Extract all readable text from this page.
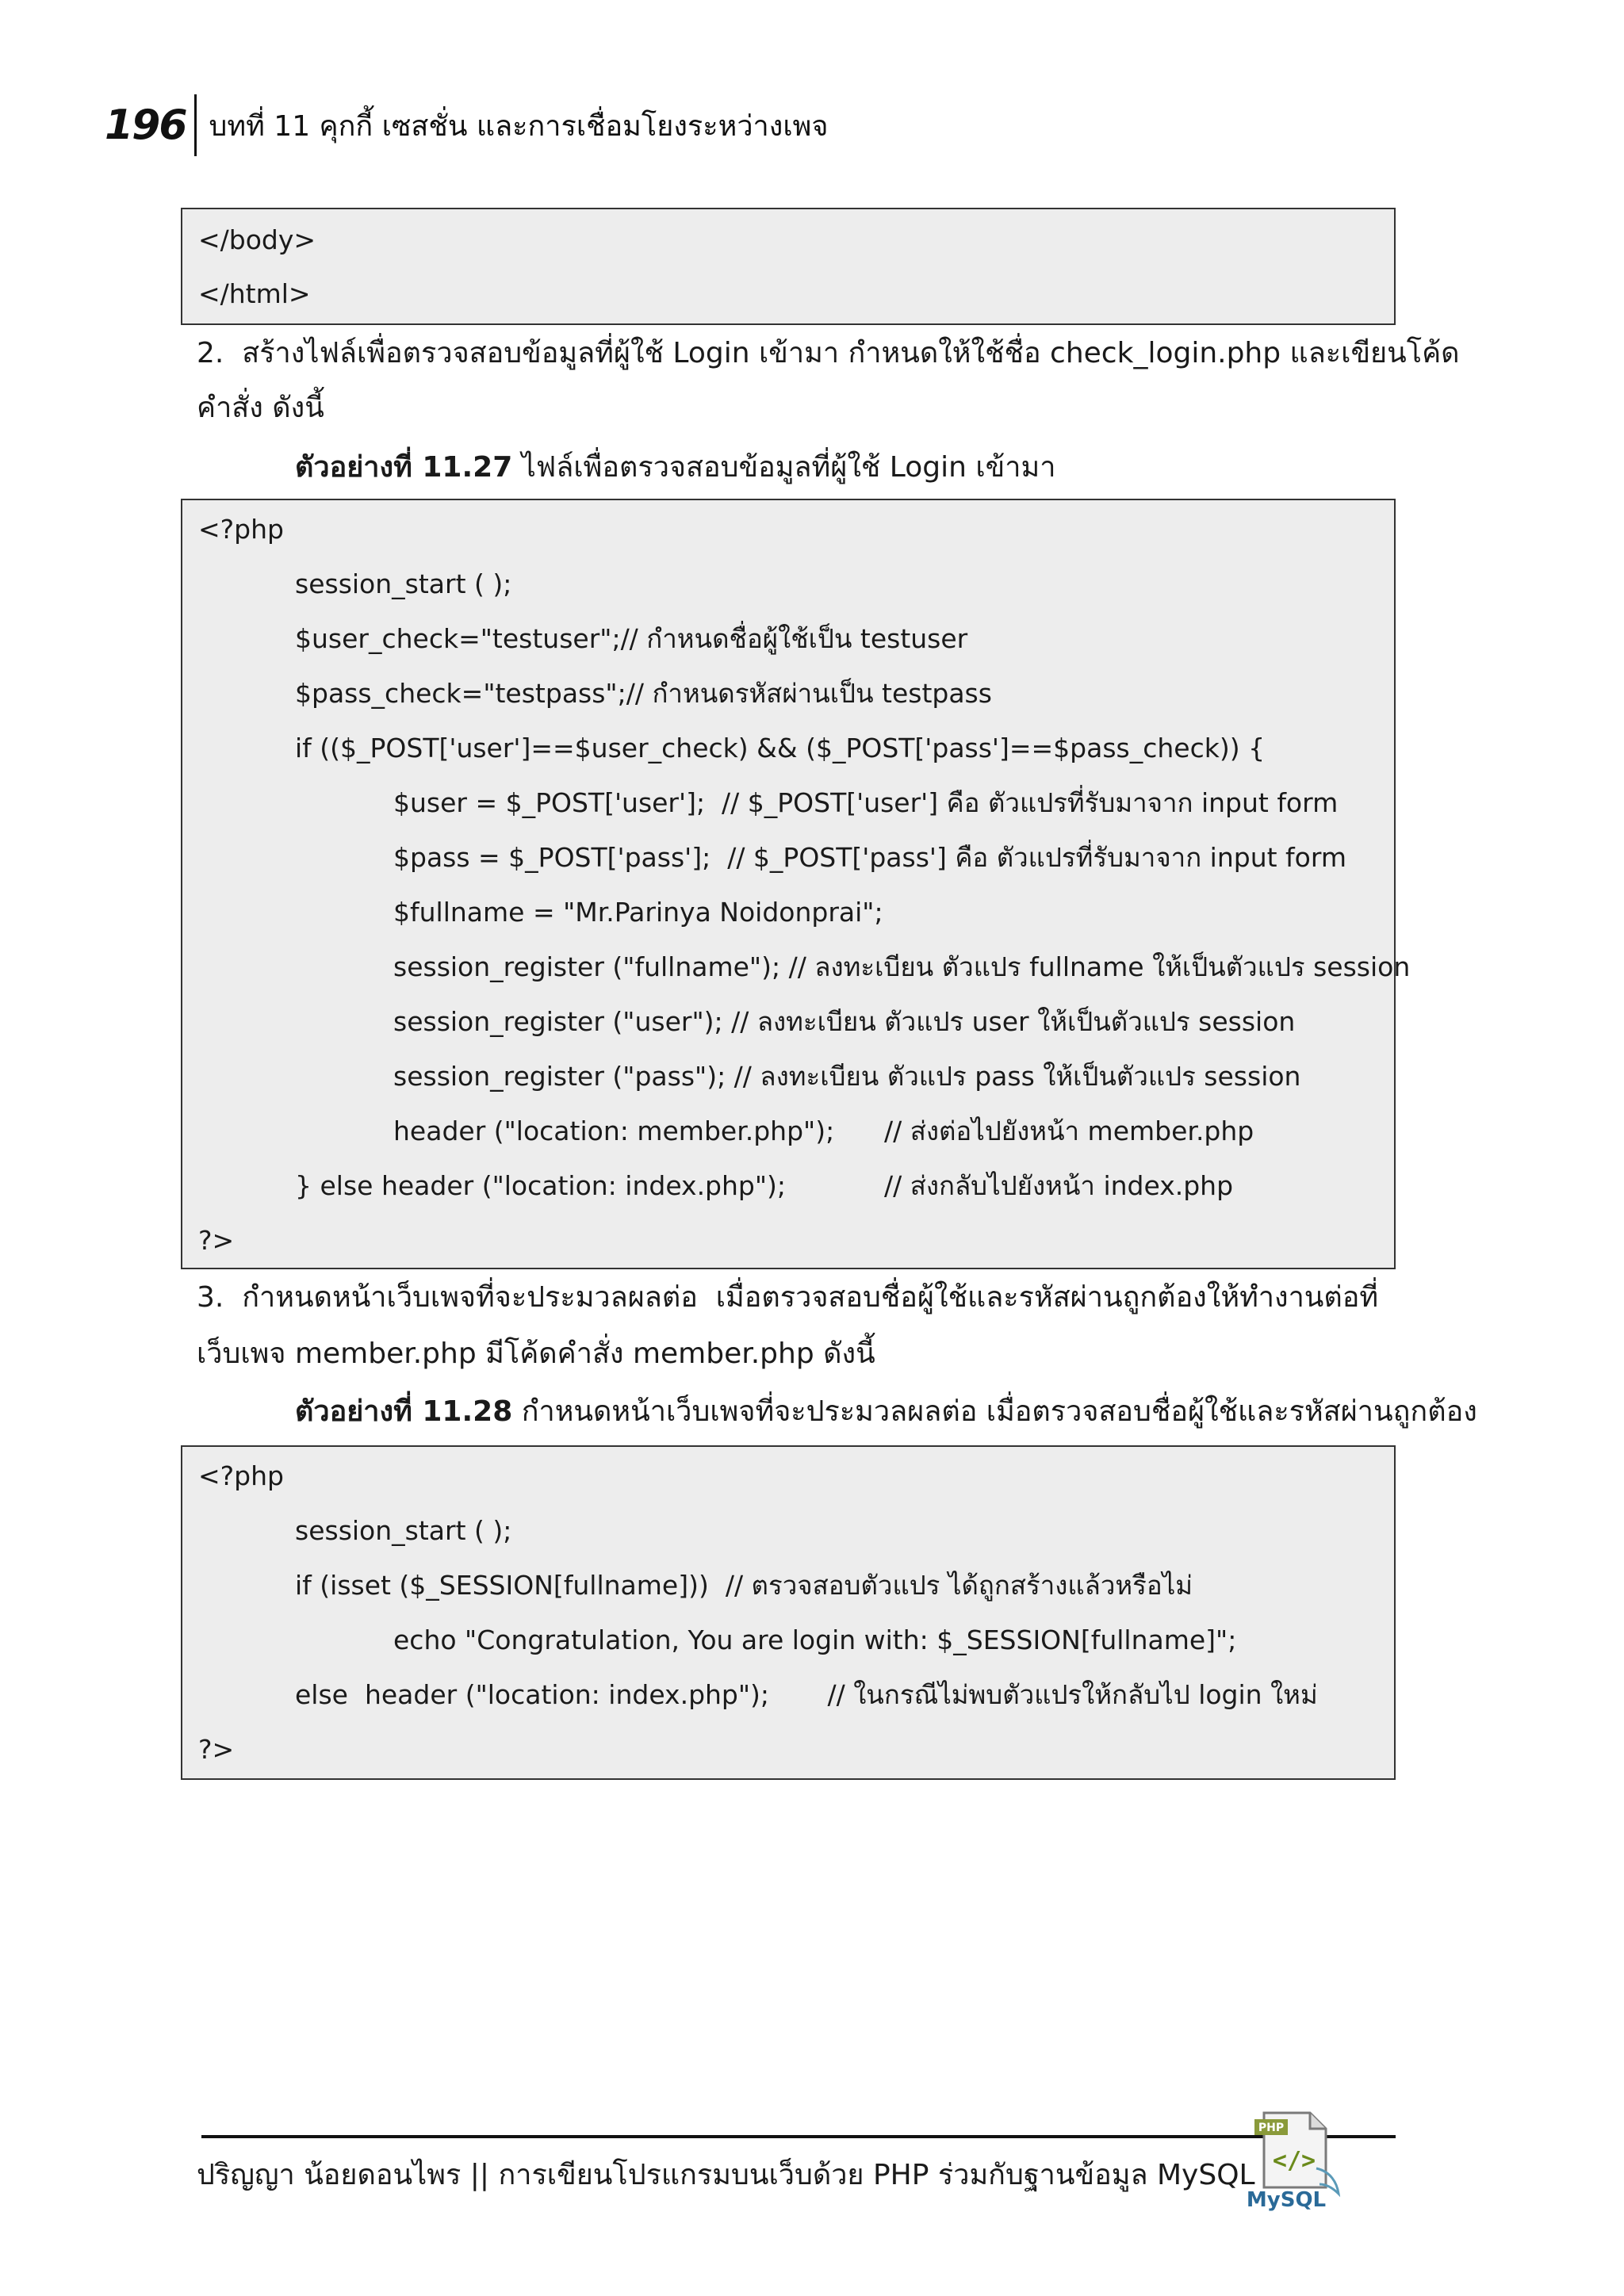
196 บทที่ 11 คุกกี้ เซสชั่น และการเชื่อมโยงระหว่างเพจ
</body>
</html>
2.  สร้างไฟล์เพื่อตรวจสอบข้อมูลที่ผู้ใช้ Login เข้ามา กำหนดให้ใช้ชื่อ check_login.php และเขียนโค้ด
คำสั่ง ดังนี้
ตัวอย่างที่ 11.27 ไฟล์เพื่อตรวจสอบข้อมูลที่ผู้ใช้ Login เข้ามา
<?php
session_start ( );
$user_check="testuser";// กำหนดชื่อผู้ใช้เป็น testuser
$pass_check="testpass";// กำหนดรหัสผ่านเป็น testpass
if (($_POST['user']==$user_check) && ($_POST['pass']==$pass_check)) {
$user = $_POST['user'];  // $_POST['user'] คือ ตัวแปรที่รับมาจาก input form
$pass = $_POST['pass'];  // $_POST['pass'] คือ ตัวแปรที่รับมาจาก input form
$fullname = "Mr.Parinya Noidonprai";
session_register ("fullname"); // ลงทะเบียน ตัวแปร fullname ให้เป็นตัวแปร session
session_register ("user"); // ลงทะเบียน ตัวแปร user ให้เป็นตัวแปร session
session_register ("pass"); // ลงทะเบียน ตัวแปร pass ให้เป็นตัวแปร session
header ("location: member.php"); // ส่งต่อไปยังหน้า member.php
} else header ("location: index.php");	// ส่งกลับไปยังหน้า index.php
?>
3.  กำหนดหน้าเว็บเพจที่จะประมวลผลต่อ  เมื่อตรวจสอบชื่อผู้ใช้และรหัสผ่านถูกต้องให้ทำงานต่อที่
เว็บเพจ member.php มีโค้ดคำสั่ง member.php ดังนี้
ตัวอย่างที่ 11.28 กำหนดหน้าเว็บเพจที่จะประมวลผลต่อ เมื่อตรวจสอบชื่อผู้ใช้และรหัสผ่านถูกต้อง
<?php
session_start ( );
if (isset ($_SESSION[fullname]))  // ตรวจสอบตัวแปร ได้ถูกสร้างแล้วหรือไม่
echo "Congratulation, You are login with: $_SESSION[fullname]";
else  header ("location: index.php");       // ในกรณีไม่พบตัวแปรให้กลับไป login ใหม่
?>
ปริญญา น้อยดอนไพร || การเขียนโปรแกรมบนเว็บด้วย PHP ร่วมกับฐานข้อมูล MySQL
PHP
</>
MySQL
